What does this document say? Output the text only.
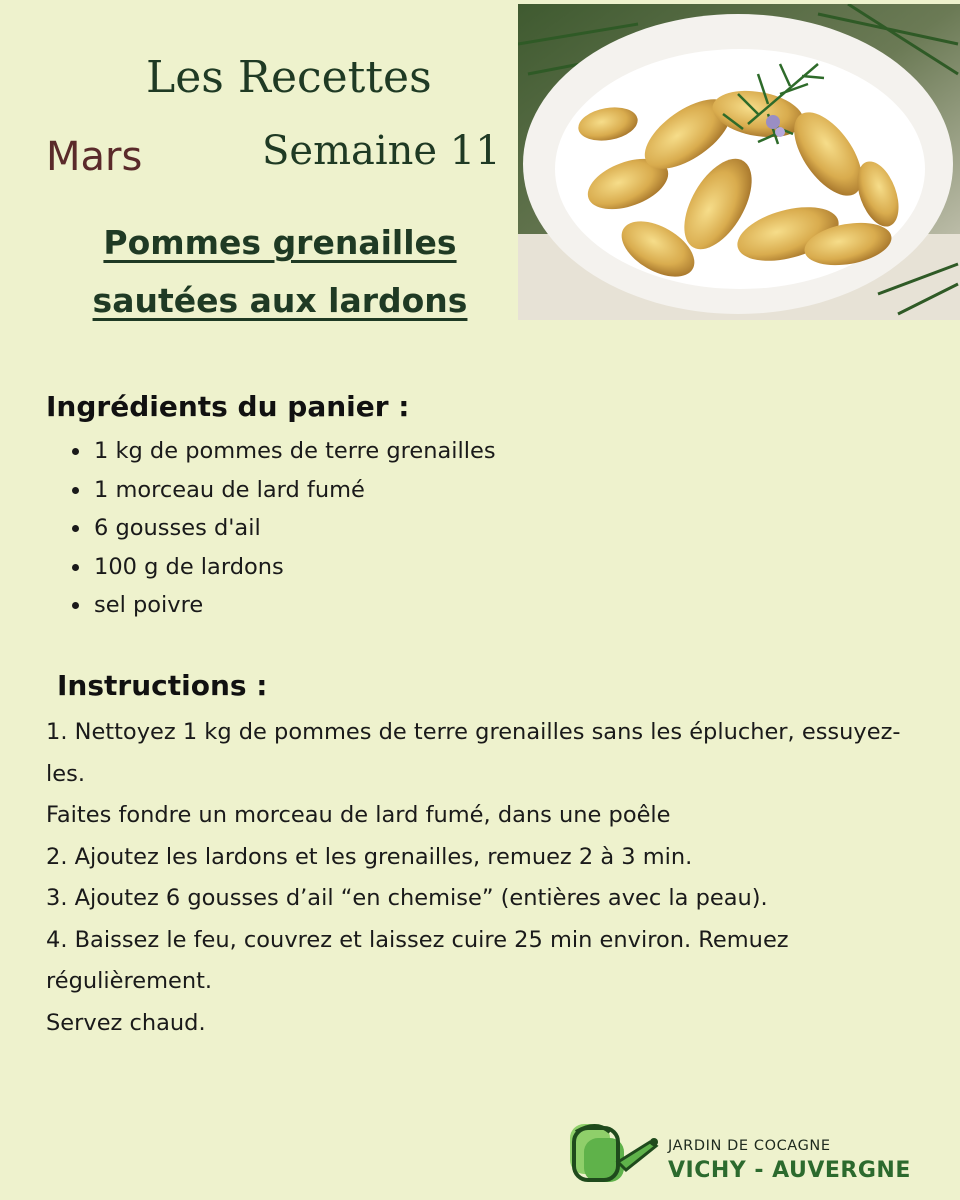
Les Recettes
Mars	Semaine 11
Pommes grenailles
sautées aux lardons
Ingrédients du panier :
• 1 kg de pommes de terre grenailles
• 1 morceau de lard fumé
• 6 gousses d'ail
• 100 g de lardons
• sel poivre
Instructions :

1. Nettoyez 1 kg de pommes de terre grenailles sans les éplucher, essuyez-les.

Faites fondre un morceau de lard fumé, dans une poêle

2. Ajoutez les lardons et les grenailles, remuez 2 à 3 min.

3. Ajoutez 6 gousses d’ail “en chemise” (entières avec la peau).

4. Baissez le feu, couvrez et laissez cuire 25 min environ. Remuez régulièrement.

Servez chaud.

JARDIN DE COCAGNE
VICHY - AUVERGNE
